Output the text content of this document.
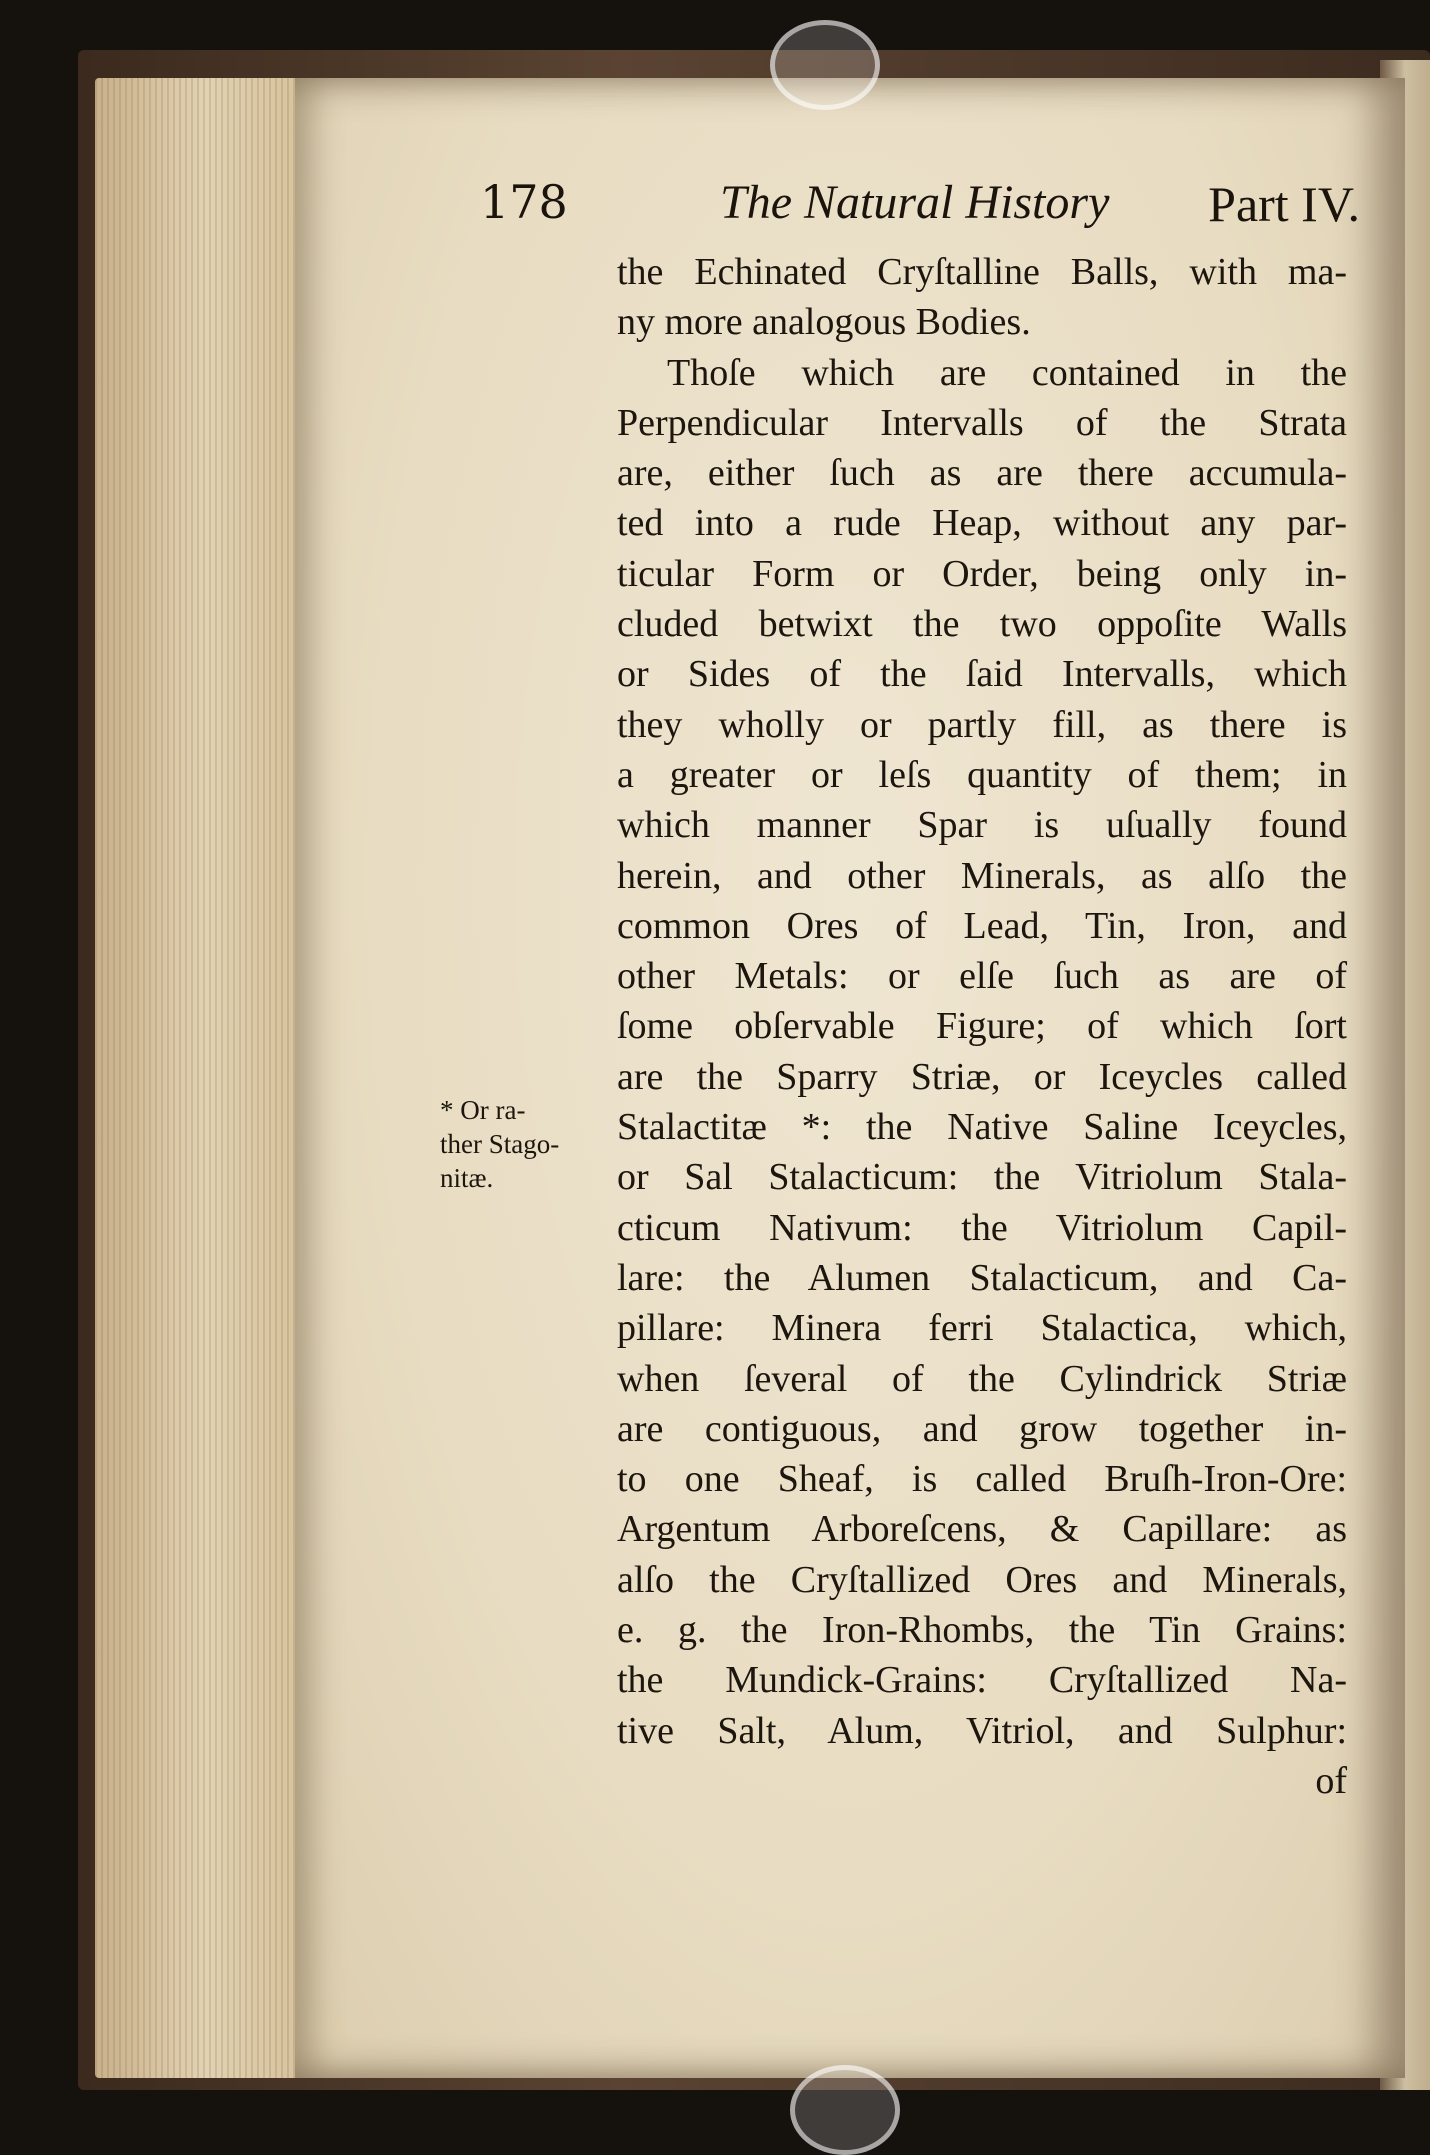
178	The Natural History Part IV.
* Or ra-
ther Stago-
nitæ.
the Echinated Cryſtalline Balls, with ma-
ny more analogous Bodies.
Thoſe which are contained in the
Perpendicular Intervalls of the Strata
are, either ſuch as are there accumula-
ted into a rude Heap, without any par-
ticular Form or Order, being only in-
cluded betwixt the two oppoſite Walls
or Sides of the ſaid Intervalls, which
they wholly or partly fill, as there is
a greater or leſs quantity of them; in
which manner Spar is uſually found
herein, and other Minerals, as alſo the
common Ores of Lead, Tin, Iron, and
other Metals: or elſe ſuch as are of
ſome obſervable Figure; of which ſort
are the Sparry Striæ, or Iceycles called
Stalactitæ *: the Native Saline Iceycles,
or Sal Stalacticum: the Vitriolum Stala-
cticum Nativum: the Vitriolum Capil-
lare: the Alumen Stalacticum, and Ca-
pillare: Minera ferri Stalactica, which,
when ſeveral of the Cylindrick Striæ
are contiguous, and grow together in-
to one Sheaf, is called Bruſh-Iron-Ore:
Argentum Arboreſcens, & Capillare: as
alſo the Cryſtallized Ores and Minerals,
e. g. the Iron-Rhombs, the Tin Grains:
the Mundick-Grains: Cryſtallized Na-
tive Salt, Alum, Vitriol, and Sulphur:
of
